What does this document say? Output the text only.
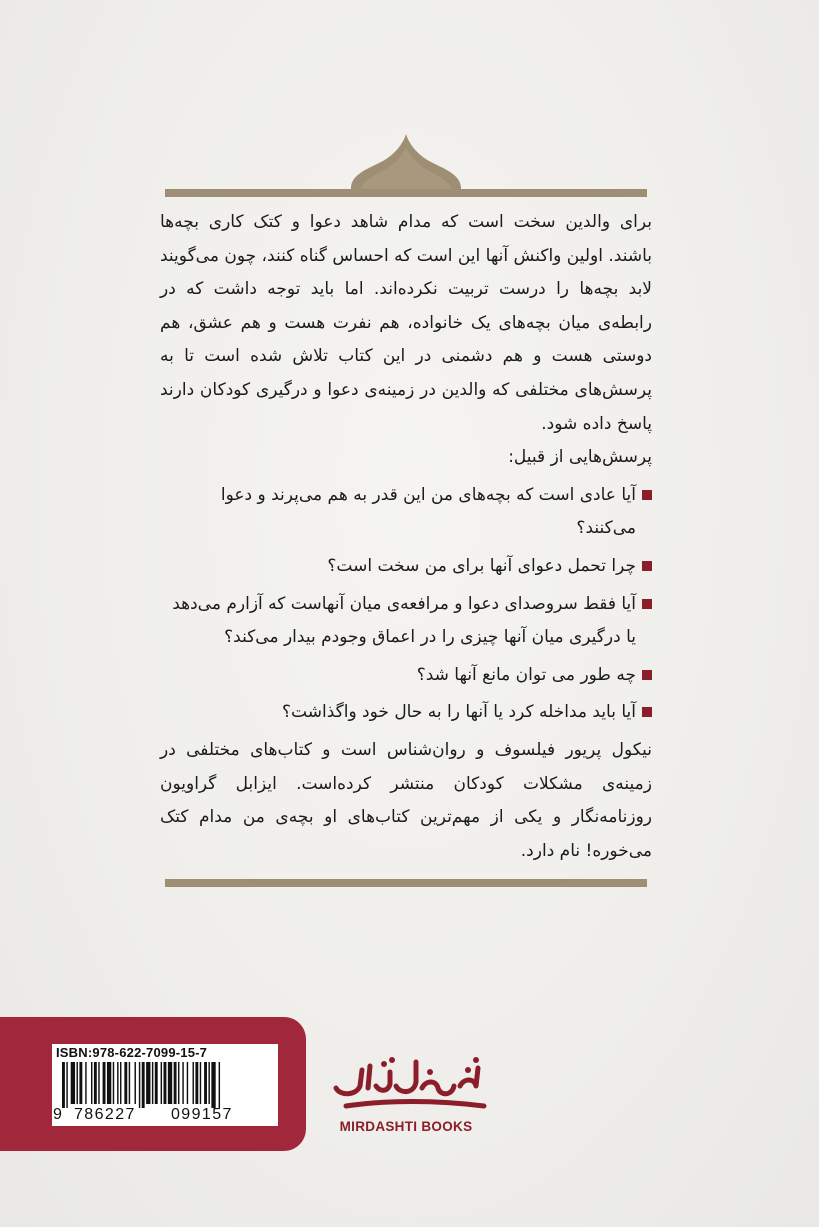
برای والدین سخت است که مدام شاهد دعوا و کتک کاری بچه‌ها باشند. اولین واکنش آنها این است که احساس گناه کنند، چون می‌گویند لابد بچه‌ها را درست تربیت نکرده‌اند. اما باید توجه داشت که در رابطه‌ی میان بچه‌های یک خانواده، هم نفرت هست و هم عشق، هم دوستی هست و هم دشمنی در این کتاب تلاش شده است تا به پرسش‌های مختلفی که والدین در زمینه‌ی دعوا و درگیری کودکان دارند پاسخ داده شود.

پرسش‌هایی از قبیل:

آیا عادی است که بچه‌های من این قدر به هم می‌پرند و دعوا می‌کنند؟
چرا تحمل دعوای آنها برای من سخت است؟
آیا فقط سروصدای دعوا و مرافعه‌ی میان آنهاست که آزارم می‌دهد یا درگیری میان آنها چیزی را در اعماق وجودم بیدار می‌کند؟
چه طور می توان مانع آنها شد؟
آیا باید مداخله کرد یا آنها را به حال خود واگذاشت؟

نیکول پریور فیلسوف و روان‌شناس است و کتاب‌های مختلفی در زمینه‌ی مشکلات کودکان منتشر کرده‌است. ایزابل گراویون روزنامه‌نگار و یکی از مهم‌ترین کتاب‌های او بچه‌ی من مدام کتک می‌خوره! نام دارد.

ISBN:978-622-7099-15-7
9 786227 099157
MIRDASHTI BOOKS
